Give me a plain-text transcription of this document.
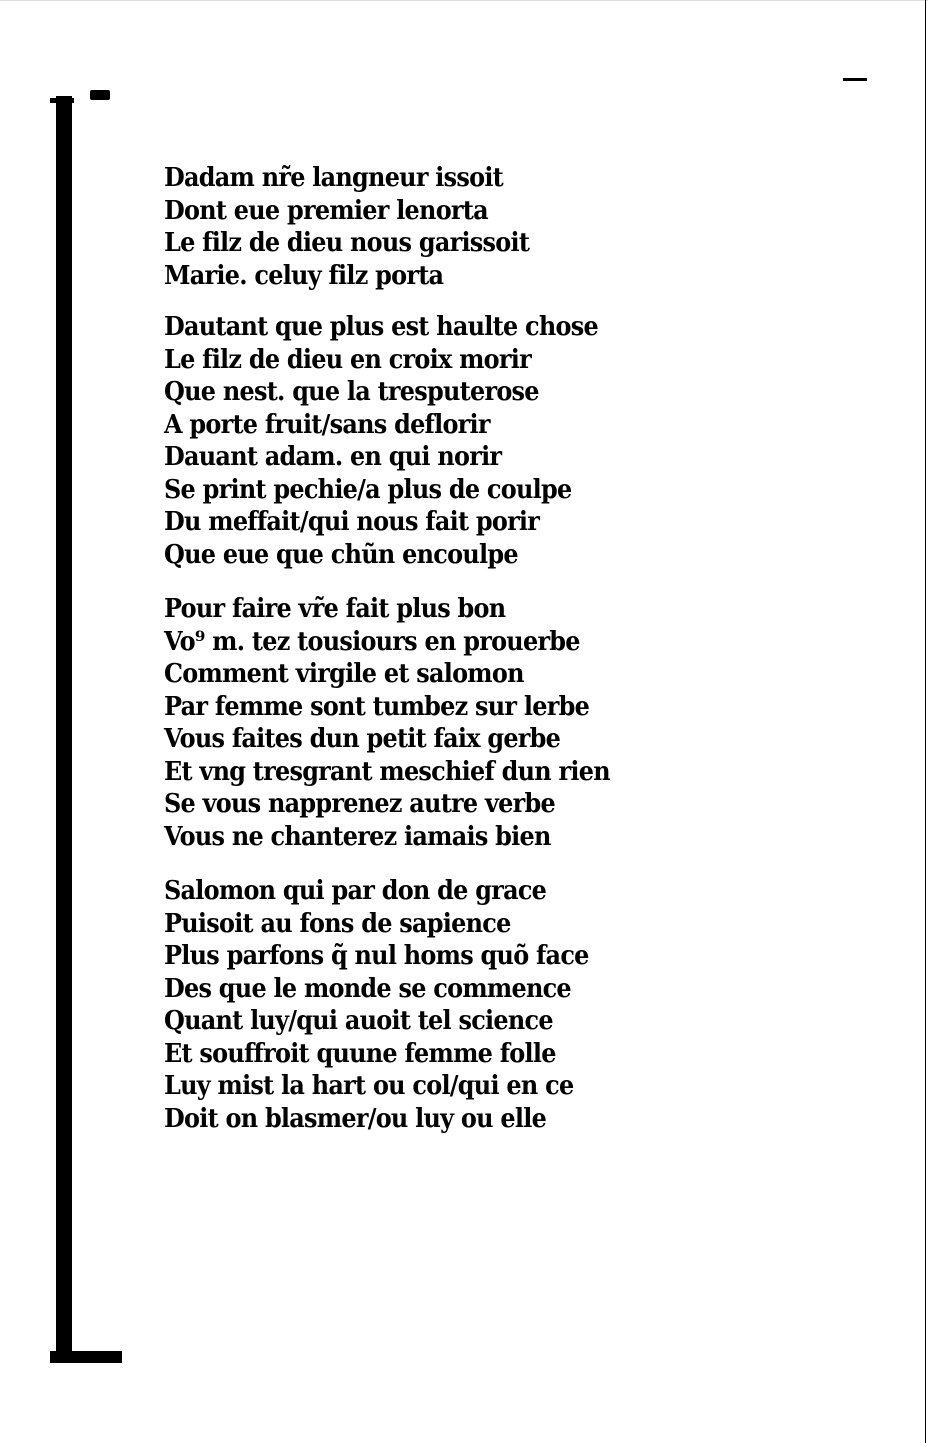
Dadam nr̃e langneur issoit
Dont eue premier lenorta
Le filz de dieu nous garissoit
Marie. celuy filz porta
Dautant que plus est haulte chose
Le filz de dieu en croix morir
Que nest. que la tresputerose
A porte fruit/sans deflorir
Dauant adam. en qui norir
Se print pechie/a plus de coulpe
Du meffait/qui nous fait porir
Que eue que chũn encoulpe
Pour faire vr̃e fait plus bon
Vo⁹ m. tez tousiours en prouerbe
Comment virgile et salomon
Par femme sont tumbez sur lerbe
Vous faites dun petit faix gerbe
Et vng tresgrant meschief dun rien
Se vous napprenez autre verbe
Vous ne chanterez iamais bien
Salomon qui par don de grace
Puisoit au fons de sapience
Plus parfons q̃ nul homs quõ face
Des que le monde se commence
Quant luy/qui auoit tel science
Et souffroit quune femme folle
Luy mist la hart ou col/qui en ce
Doit on blasmer/ou luy ou elle
